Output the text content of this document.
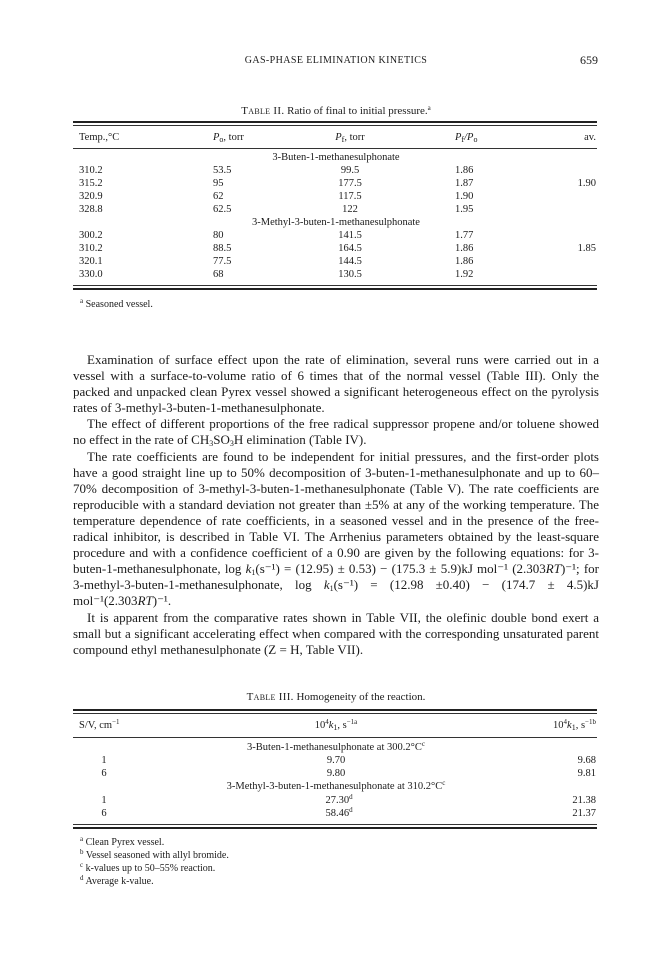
GAS-PHASE ELIMINATION KINETICS	659
Table II. Ratio of final to initial pressure.$^a$
Temp.,°C	$P_o$, torr	$P_f$, torr	$P_f/P_o$	av.
3-Buten-1-methanesulphonate
310.2	53.5	99.5	1.86
315.2	95	177.5	1.87	1.90
320.9	62	117.5	1.90
328.8	62.5	122	1.95
3-Methyl-3-buten-1-methanesulphonate
300.2	80	141.5	1.77
310.2	88.5	164.5	1.86	1.85
320.1	77.5	144.5	1.86
330.0	68	130.5	1.92
$^a$ Seasoned vessel.

Examination of surface effect upon the rate of elimination, several runs were carried out in a vessel with a surface-to-volume ratio of 6 times that of the normal vessel (Table III). Only the packed and unpacked clean Pyrex vessel showed a significant heterogeneous effect on the pyrolysis rates of 3-methyl-3-buten-1-methanesulphonate.

The effect of different proportions of the free radical suppressor propene and/or toluene showed no effect in the rate of $CH_3SO_3H$ elimination (Table IV).

The rate coefficients are found to be independent for initial pressures, and the first-order plots have a good straight line up to 50% decomposition of 3-buten-1-methanesulphonate and up to 60–70% decomposition of 3-methyl-3-buten-1-methanesulphonate (Table V). The rate coefficients are reproducible with a standard deviation not greater than ±5% at any of the working temperature. The temperature dependence of rate coefficients, in a seasoned vessel and in the presence of the free-radical inhibitor, is described in Table VI. The Arrhenius parameters obtained by the least-square procedure and with a confidence coefficient of a 0.90 are given by the following equations: for 3-buten-1-methanesulphonate, $\log k_1(s^{-1}) = (12.95) \pm 0.53) - (175.3 \pm 5.9)kJ$ mol⁻¹ (2.303RT)⁻¹; for 3-methyl-3-buten-1-methanesulphonate, $\log k_1(s^{-1}) = (12.98 \pm 0.40) - (174.7 \pm 4.5)kJ$ mol⁻¹(2.303RT)⁻¹.

It is apparent from the comparative rates shown in Table VII, the olefinic double bond exert a small but a significant accelerating effect when compared with the corresponding unsaturated parent compound ethyl methanesulphonate (Z = H, Table VII).

Table III. Homogeneity of the reaction.
S/V, $cm^{-1}$	$10^4k_1$, $s^{-1a}$	$10^4k_1$, $s^{-1b}$
3-Buten-1-methanesulphonate at $300.2^\circ C^c$
1	9.70	9.68
6	9.80	9.81
3-Methyl-3-buten-1-methanesulphonate at $310.2^\circ C^c$
1	27.30$^d$	21.38
6	58.46$^d$	21.37
$^a$ Clean Pyrex vessel.
$^b$ Vessel seasoned with allyl bromide.
$^c$ k-values up to 50–55% reaction.
$^d$ Average k-value.
